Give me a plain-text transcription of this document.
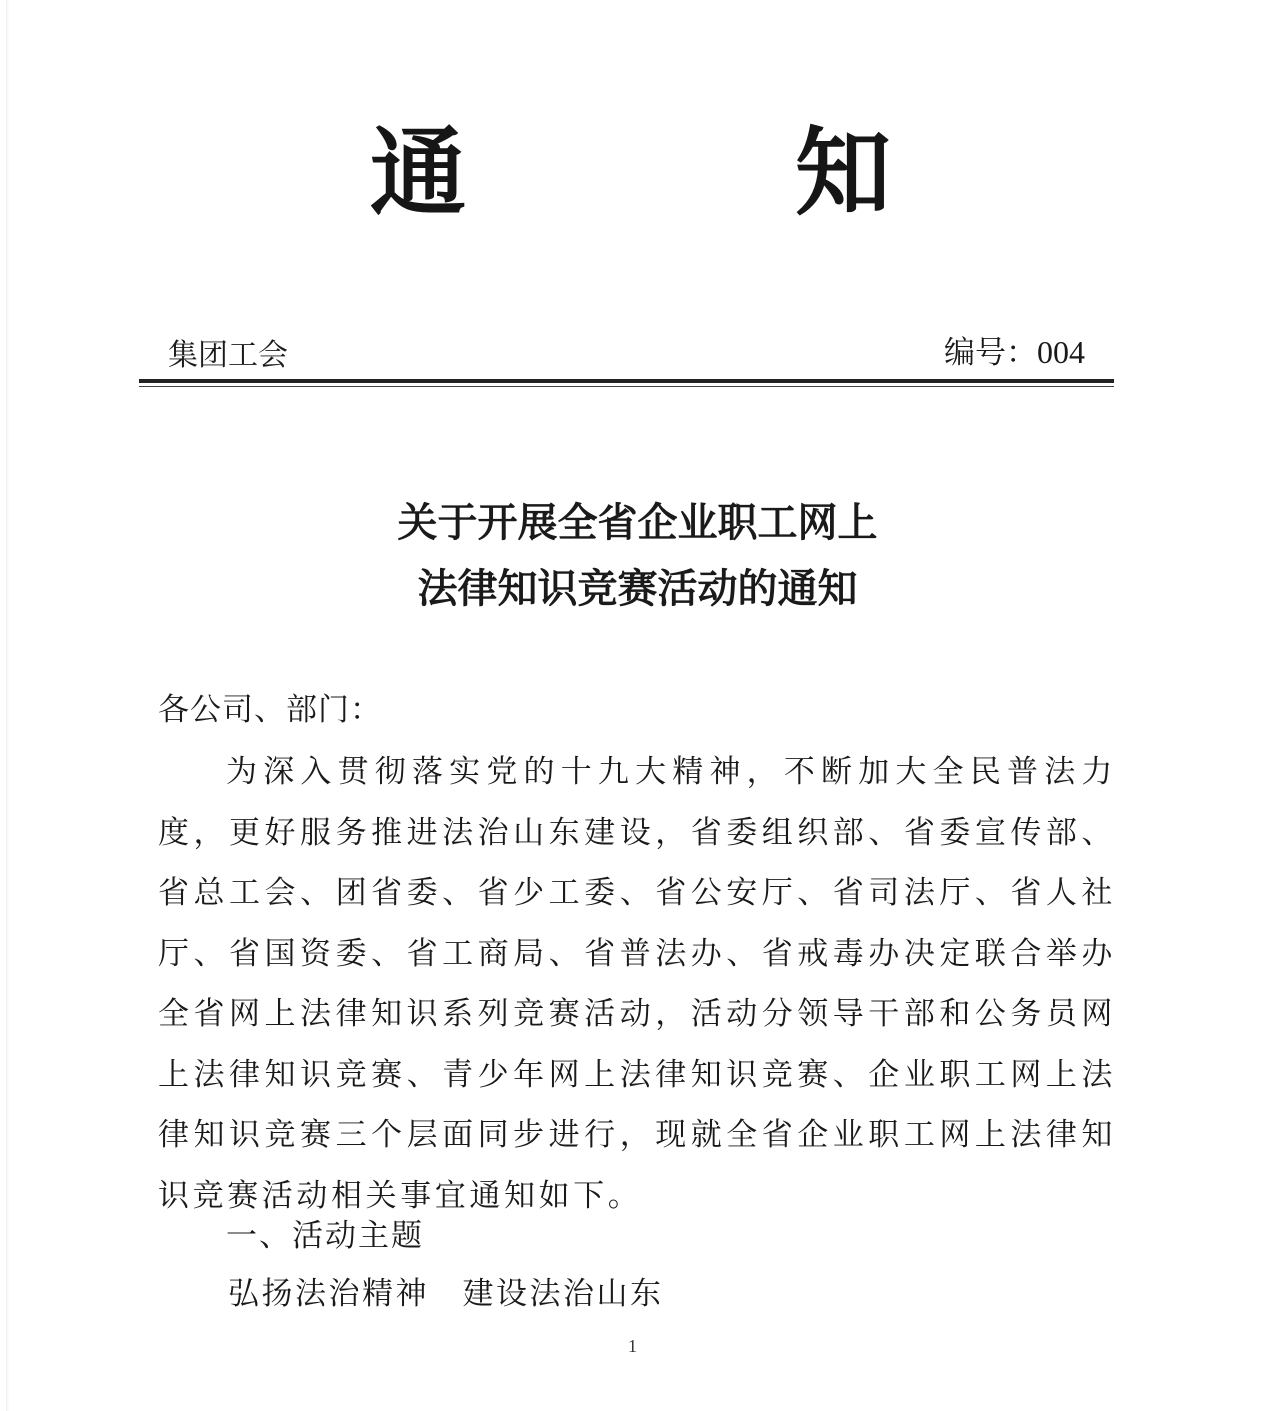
通	知
集团工会	编号：004
关于开展全省企业职工网上
法律知识竞赛活动的通知
各公司、部门：

为深入贯彻落实党的十九大精神，不断加大全民普法力度，更好服务推进法治山东建设，省委组织部、省委宣传部、省总工会、团省委、省少工委、省公安厅、省司法厅、省人社厅、省国资委、省工商局、省普法办、省戒毒办决定联合举办全省网上法律知识系列竞赛活动，活动分领导干部和公务员网上法律知识竞赛、青少年网上法律知识竞赛、企业职工网上法律知识竞赛三个层面同步进行，现就全省企业职工网上法律知识竞赛活动相关事宜通知如下。

一、活动主题
弘扬法治精神　建设法治山东
1
